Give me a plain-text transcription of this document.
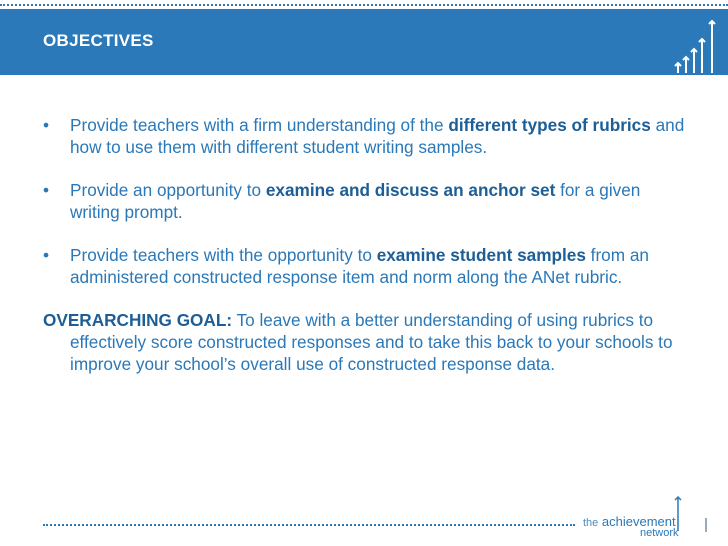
OBJECTIVES
• Provide teachers with a firm understanding of the different types of rubrics and how to use them with different student writing samples.
• Provide an opportunity to examine and discuss an anchor set for a given writing prompt.
• Provide teachers with the opportunity to examine student samples from an administered constructed response item and norm along the ANet rubric.
OVERARCHING GOAL: To leave with a better understanding of using rubrics to effectively score constructed responses and to take this back to your schools to improve your school’s overall use of constructed response data.
the achievement
network
